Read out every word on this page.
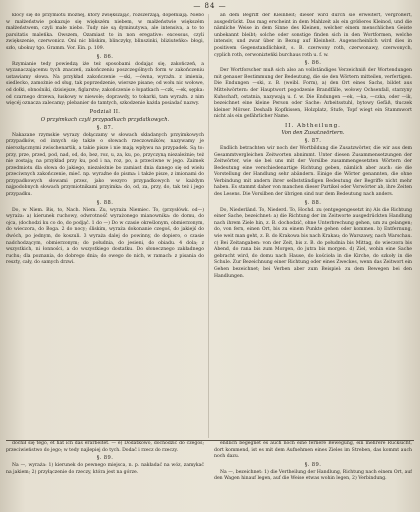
— 84 —

klocy się do przymiotu możnéj, który zwiększając, rozszerzają, dopełniają. Niebo w małżeństwie pokazuje się większém niebem, w małżeństwie większém małżeństwem, czyli małe niebo. Tudy nie są dyminutywa, ale intensiva, a to to parsitatis maleńka. Owszem, Ozamiast to in non eregative: excessus, czyli zwiększenie, czerwonicz. Oni nic bliskim, blinczyky, blinszinki, bliziuteńko: błogi, szło, ubokuy tgo. Gramm. Vor. Ein. p. 109.

§. 86.

Rzymianie tedy powiedzą iże też sposobami dodając się, zakończeń, a wyzanaczającemu tych znaczeń, zakończeniu poszczególnych form w zakończeniu ustawiamy słowa. Na przykład zakończenie —ski, —ówna, wyraźn. z imienia, siedlecko, zamożnie od sług, tak poprzedzenie, wiersze pisane; od wołu nic wołowe, od dołki, obnośniki, dzisiejsze, figlarstw; zakończenie o łopatkach —czk, —ek, sępka: od czarnego drzewa, łuskowy w niewole; doprawdy, to tokarki, tam wyraźn. z nim więcéj oznacza zalecamy; plebanier do tamtych, szkodzenie każda posiadać nazwy.

Podział II.
O przyimkach czyli przypadkach przydatkowych.
§. 87.

Nakazane rzymskie wyrazy dołączamy w słowach składanych przyimkowych przypadków, od innych się także o słowach rzeczowników, nazywamy je nierozłącznymi zwischenartik, a takie pisze i nie mają wpływu na przypadek. Są to: przy, prze, przed, pod, nad, od, do, bez, roz, u, za, ku, po, przyczyną niezależnie; też nie zostają; na przykład przy ku, pod i na, roz, po, a przeciwne w jego. Zaimek przedmiotu dla słowa do jakiego, niezależnie bo zamiast dnia danego się od wielu przeciwnych zakończenie, mieć. np. wyraźne do pisma: i także pisze, z imionami do przypadkowych słowami przez, jako wezyro przypadkowych w każdym najpodobnych słowach przymiotnikami przyimka: do, od, za, przy, do, tak też i jego przypadku.

§. 88.

Do, w Niem. Bis, to, Nach. Niem. Zu, wyraża Niemiec. To, (przysłówk. od—) wyraża: a) kierunek ruchowy, odwrotność wyrażonego mianownika: do domu, do ojca, (dochodzi ku co do, do podjąć. 1 do —) Do w czasie określonym, obmierzonym, do wieczora, do Boga. 2 do nocy; śliskim, wyraża dokonanie czegoś, do jakiejś do dwóch, po jednym, do koszuli. 3 wyraża dalej do powinny, do dopiero, o czasie nadchodzącym, obmierzonym; do południa, do jesieni, do obiadu. 4 dola; z wszystkich, ni łonności, a do wszystkiego dostatku. Do słonecznego zakładnego ruchu; dla poznania, do dobrego dnia; do owego do nich, w ramach: z pisania do reszty, cały, do samych drzwi.

an dem Begriff der Kleinheit; dieser wird durch sie erweitert, vergrößert, ausgedrückt. Das mag erscheint in dem Mahlzeit als ein größeres Kleinod, und die nämliche Weise in dem Sinne des Kleinen, welcher einem menschlichen Geiste unbekannt bleibt; solche oder sonstige finden sich in den Wortformen, welche intensiv, und zwar über in Bezug auf Kleinheit. Augenscheinlich wird dies in positivem Gegenstandlichkeit, s. B. czerwony roth, czerwonawy, czerwonych, cyplich roth, cerwonizteńki burchaus roth u. f. w.

§. 86.

Der Wortforscher muß sich also an vollständiges Verzeichniß der Wortendungen mit genauer Bestimmung der Bedeutung, die sie den Wörtern mitteilen, verfertigen. Die Endungen —ski, z. B. (weibl. Form), a) den Ort eines Sachs, bildet aus Mittelwörtern: der Hauptwort pogodzenie Brandfälle, wołowy Ochsenfall, starzyny Kuhschaft, ostatnia, nazywają u. f. w. Die Endungen —ek, —ka, —czka, oder —ik, bezeichnet eine kleine Person oder Sache: Arbeitsstuhl, bytowy Gefäß, tłuczek kleiner Mörser. Deshalb Kopfkissen, Holzplatz, Stufe, Topf wiegt ein Stammwort nicht als ein gefährlicher Name.

II. Abtheilung.
Von den Zusatzwörtern.
§. 87.

Endlich betrachten wir noch der Wortbildung die Zusatzwörter, die wir aus dem Gesammtvergleichen Zeitworten abnimmt. Unter diesen Zusammensetzungen der Zeitwörter, wie sie bei uns mit der Vorsilbe zusammengesetzten Wörtern der Bedeutung eine verschiedenartige Richtung geben, nämlich aber auch: sie die Vorstellung der Handlung sehr abändern. Einige die Wörter genannten, die ohne Verbindung mit andern ihrer selbstständigen Bedeutung der Begriffe nicht mehr haben. Es stammt daher von manchen dieser Partikel oder Vorwörter ab, ihre Zeiten des Lesens. Die Vorsilben der übrigen sind nur dem Bedeutung nach anders.

§. 88.

Do, Niederländ. To, Niederd. To, Hochd. zu (entgegengesetzt in) Als die Richtung einer Sache, bezeichnet: a) die Richtung der im Zeitworte ausgedrückten Handlung nach ihrem Ziele hin, z. B. dochodzić, ohne Unterbrechung gehen, um zu gelangen; do, von fern, einen Ort, bis zu einem Punkte gehen oder kommen. b) Entfernung, wie weit man geht, z. B. do Krakowa bis nach Krakau; do Warszawy, nach Warschau. c) Bei Zeitangaben: von der Zeit, bis z. B. do południa bis Mittag, do wieczora bis Abend, do rana bis zum Morgen, do jutra bis morgen. d) Ziel, wohin eine Sache gebracht wird, do domu nach Hause, do kościoła in die Kirche, do szkoły in die Schule. Zur Bezeichnung einer Richtung oder eines Zweckes, wenn das Zeitwort ein Gehen bezeichnet; bei Verben aber zum Beispiel: zu dem Bewegen bei den Handlungen.

dochił się tego, et hat ich das erarbeitet. — e) Dodatkowo, dochodzić do czegoś; przeciwieństwo do jego; w tedy najlepiej do tych. Dodać i rzecz do rzeczy.

§. 89.

Na —, wyraża: 1) kierunek do pewnego miejsca, n. p. nakładać na wóz, zamykać na jakiem; 2) przyłączenie do rzeczy, która jest na górze.

endlich begegnet es auch noch eine fernere Bewegung, ein mehrere Rücksicht, dort kommend, ist es mit dem Aufnehmen eines Zieles im Streben, das kommt auch noch dazu.

§. 89.

Na —, bezeichnet: 1) die Vertheilung der Handlung, Richtung nach einem Ort, auf den Wagen hinauf legen, auf die Weise etwas wohin legen, 2) Verbindung.
